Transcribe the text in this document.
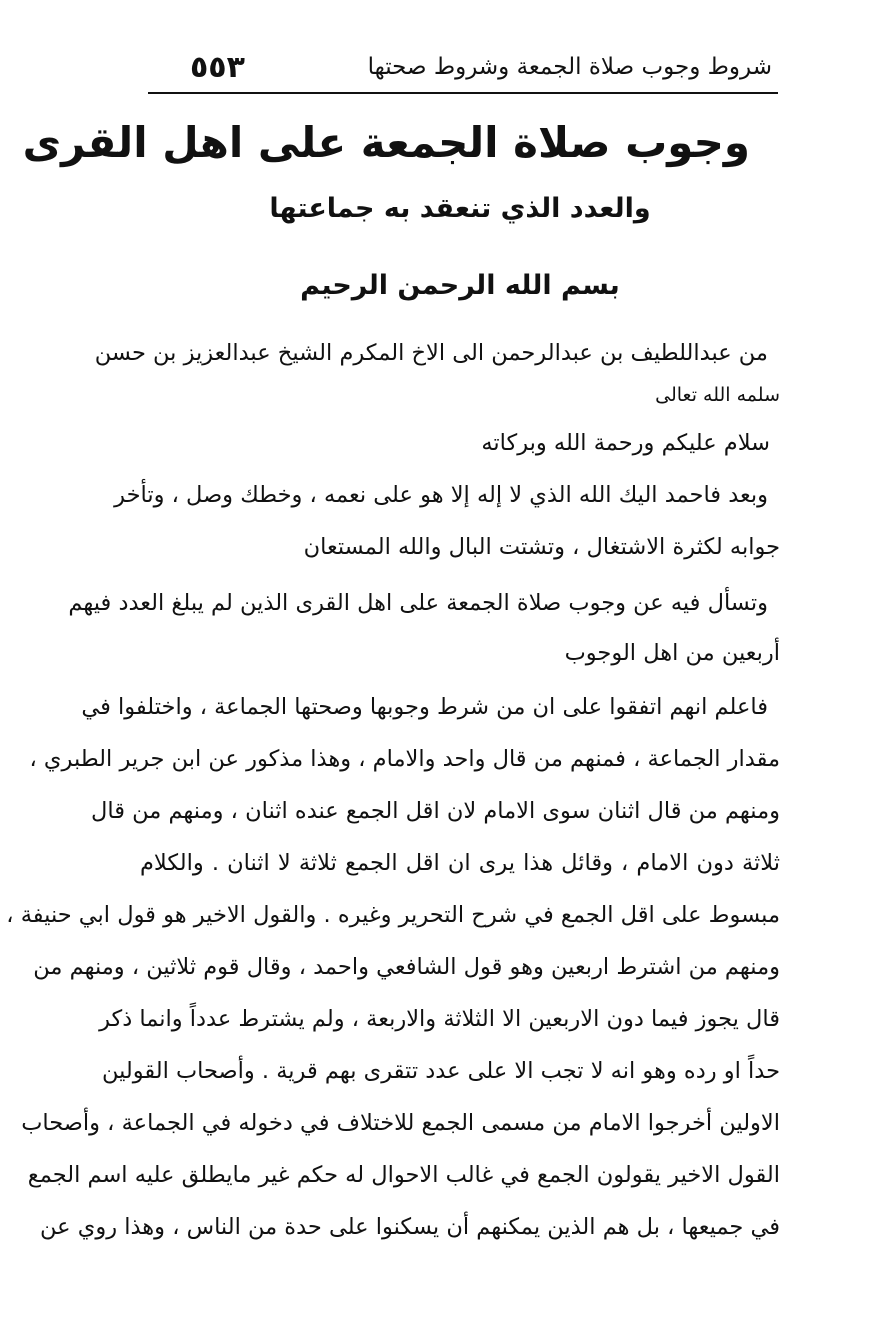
٥٥٣	شروط وجوب صلاة الجمعة وشروط صحتها
وجوب صلاة الجمعة على اهل القرى
والعدد الذي تنعقد به جماعتها
بسم الله الرحمن الرحيم
من عبداللطيف بن عبدالرحمن الى الاخ المكرم الشيخ عبدالعزيز بن حسن
سلمه الله تعالى
سلام عليكم ورحمة الله وبركاته
وبعد فاحمد اليك الله الذي لا إله إلا هو على نعمه ، وخطك وصل ، وتأخر
جوابه لكثرة الاشتغال ، وتشتت البال والله المستعان
وتسأل فيه عن وجوب صلاة الجمعة على اهل القرى الذين لم يبلغ العدد فيهم
أربعين من اهل الوجوب
فاعلم انهم اتفقوا على ان من شرط وجوبها وصحتها الجماعة ، واختلفوا في
مقدار الجماعة ، فمنهم من قال واحد والامام ، وهذا مذكور عن ابن جرير الطبري ،
ومنهم من قال اثنان سوى الامام لان اقل الجمع عنده اثنان ، ومنهم من قال
ثلاثة دون الامام ، وقائل هذا يرى ان اقل الجمع ثلاثة لا اثنان . والكلام
مبسوط على اقل الجمع في شرح التحرير وغيره . والقول الاخير هو قول ابي حنيفة ،
ومنهم من اشترط اربعين وهو قول الشافعي واحمد ، وقال قوم ثلاثين ، ومنهم من
قال يجوز فيما دون الاربعين الا الثلاثة والاربعة ، ولم يشترط عدداً وانما ذكر
حداً او رده وهو انه لا تجب الا على عدد تتقرى بهم قرية . وأصحاب القولين
الاولين أخرجوا الامام من مسمى الجمع للاختلاف في دخوله في الجماعة ، وأصحاب
القول الاخير يقولون الجمع في غالب الاحوال له حكم غير مايطلق عليه اسم الجمع
في جميعها ، بل هم الذين يمكنهم أن يسكنوا على حدة من الناس ، وهذا روي عن
